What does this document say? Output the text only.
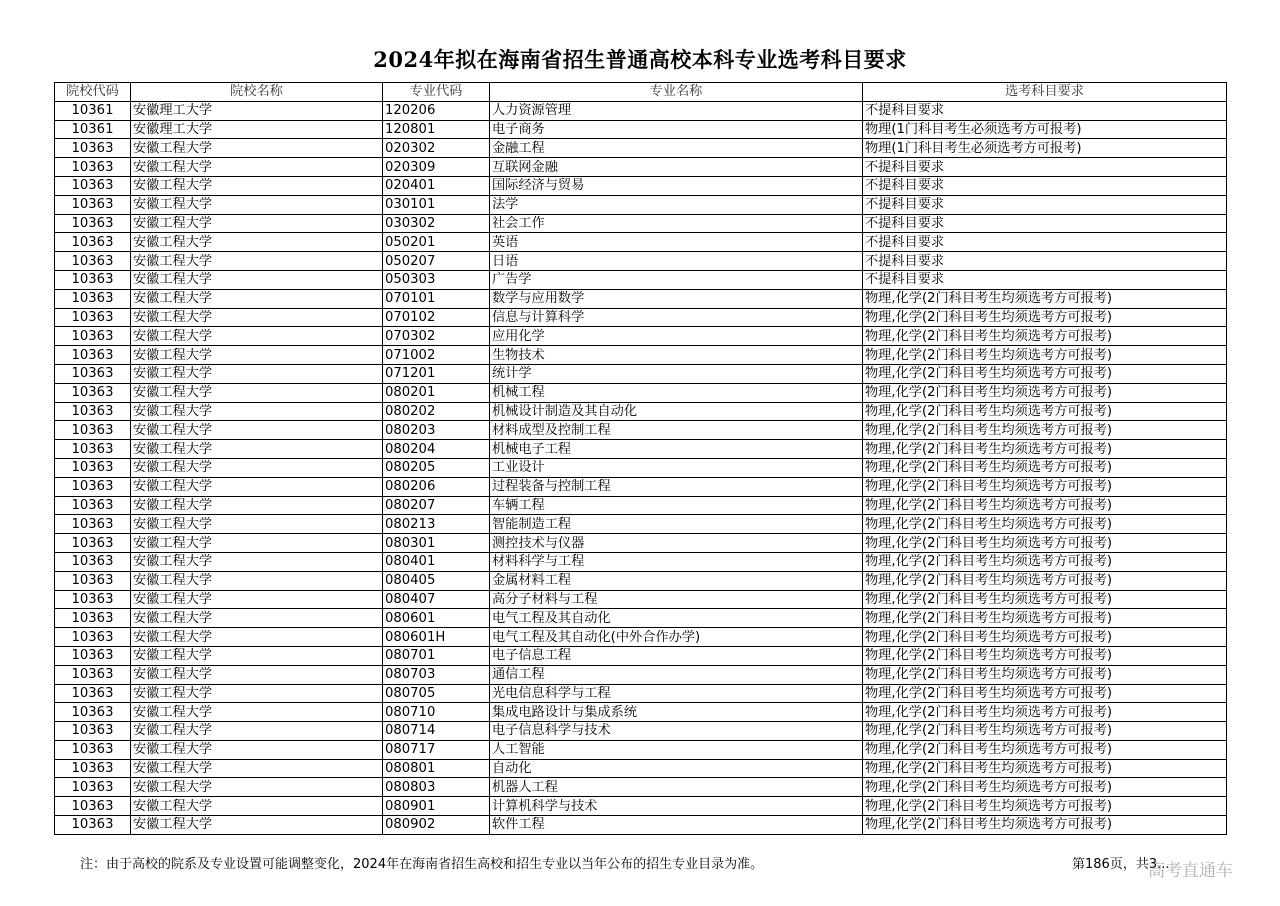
2024年拟在海南省招生普通高校本科专业选考科目要求
院校代码	院校名称	专业代码	专业名称	选考科目要求
10361	安徽理工大学	120206	人力资源管理	不提科目要求
10361	安徽理工大学	120801	电子商务	物理(1门科目考生必须选考方可报考)
10363	安徽工程大学	020302	金融工程	物理(1门科目考生必须选考方可报考)
10363	安徽工程大学	020309	互联网金融	不提科目要求
10363	安徽工程大学	020401	国际经济与贸易	不提科目要求
10363	安徽工程大学	030101	法学	不提科目要求
10363	安徽工程大学	030302	社会工作	不提科目要求
10363	安徽工程大学	050201	英语	不提科目要求
10363	安徽工程大学	050207	日语	不提科目要求
10363	安徽工程大学	050303	广告学	不提科目要求
10363	安徽工程大学	070101	数学与应用数学	物理,化学(2门科目考生均须选考方可报考)
10363	安徽工程大学	070102	信息与计算科学	物理,化学(2门科目考生均须选考方可报考)
10363	安徽工程大学	070302	应用化学	物理,化学(2门科目考生均须选考方可报考)
10363	安徽工程大学	071002	生物技术	物理,化学(2门科目考生均须选考方可报考)
10363	安徽工程大学	071201	统计学	物理,化学(2门科目考生均须选考方可报考)
10363	安徽工程大学	080201	机械工程	物理,化学(2门科目考生均须选考方可报考)
10363	安徽工程大学	080202	机械设计制造及其自动化	物理,化学(2门科目考生均须选考方可报考)
10363	安徽工程大学	080203	材料成型及控制工程	物理,化学(2门科目考生均须选考方可报考)
10363	安徽工程大学	080204	机械电子工程	物理,化学(2门科目考生均须选考方可报考)
10363	安徽工程大学	080205	工业设计	物理,化学(2门科目考生均须选考方可报考)
10363	安徽工程大学	080206	过程装备与控制工程	物理,化学(2门科目考生均须选考方可报考)
10363	安徽工程大学	080207	车辆工程	物理,化学(2门科目考生均须选考方可报考)
10363	安徽工程大学	080213	智能制造工程	物理,化学(2门科目考生均须选考方可报考)
10363	安徽工程大学	080301	测控技术与仪器	物理,化学(2门科目考生均须选考方可报考)
10363	安徽工程大学	080401	材料科学与工程	物理,化学(2门科目考生均须选考方可报考)
10363	安徽工程大学	080405	金属材料工程	物理,化学(2门科目考生均须选考方可报考)
10363	安徽工程大学	080407	高分子材料与工程	物理,化学(2门科目考生均须选考方可报考)
10363	安徽工程大学	080601	电气工程及其自动化	物理,化学(2门科目考生均须选考方可报考)
10363	安徽工程大学	080601H	电气工程及其自动化(中外合作办学)	物理,化学(2门科目考生均须选考方可报考)
10363	安徽工程大学	080701	电子信息工程	物理,化学(2门科目考生均须选考方可报考)
10363	安徽工程大学	080703	通信工程	物理,化学(2门科目考生均须选考方可报考)
10363	安徽工程大学	080705	光电信息科学与工程	物理,化学(2门科目考生均须选考方可报考)
10363	安徽工程大学	080710	集成电路设计与集成系统	物理,化学(2门科目考生均须选考方可报考)
10363	安徽工程大学	080714	电子信息科学与技术	物理,化学(2门科目考生均须选考方可报考)
10363	安徽工程大学	080717	人工智能	物理,化学(2门科目考生均须选考方可报考)
10363	安徽工程大学	080801	自动化	物理,化学(2门科目考生均须选考方可报考)
10363	安徽工程大学	080803	机器人工程	物理,化学(2门科目考生均须选考方可报考)
10363	安徽工程大学	080901	计算机科学与技术	物理,化学(2门科目考生均须选考方可报考)
10363	安徽工程大学	080902	软件工程	物理,化学(2门科目考生均须选考方可报考)
注：由于高校的院系及专业设置可能调整变化，2024年在海南省招生高校和招生专业以当年公布的招生专业目录为准。	第186页，共3...
高考直通车
